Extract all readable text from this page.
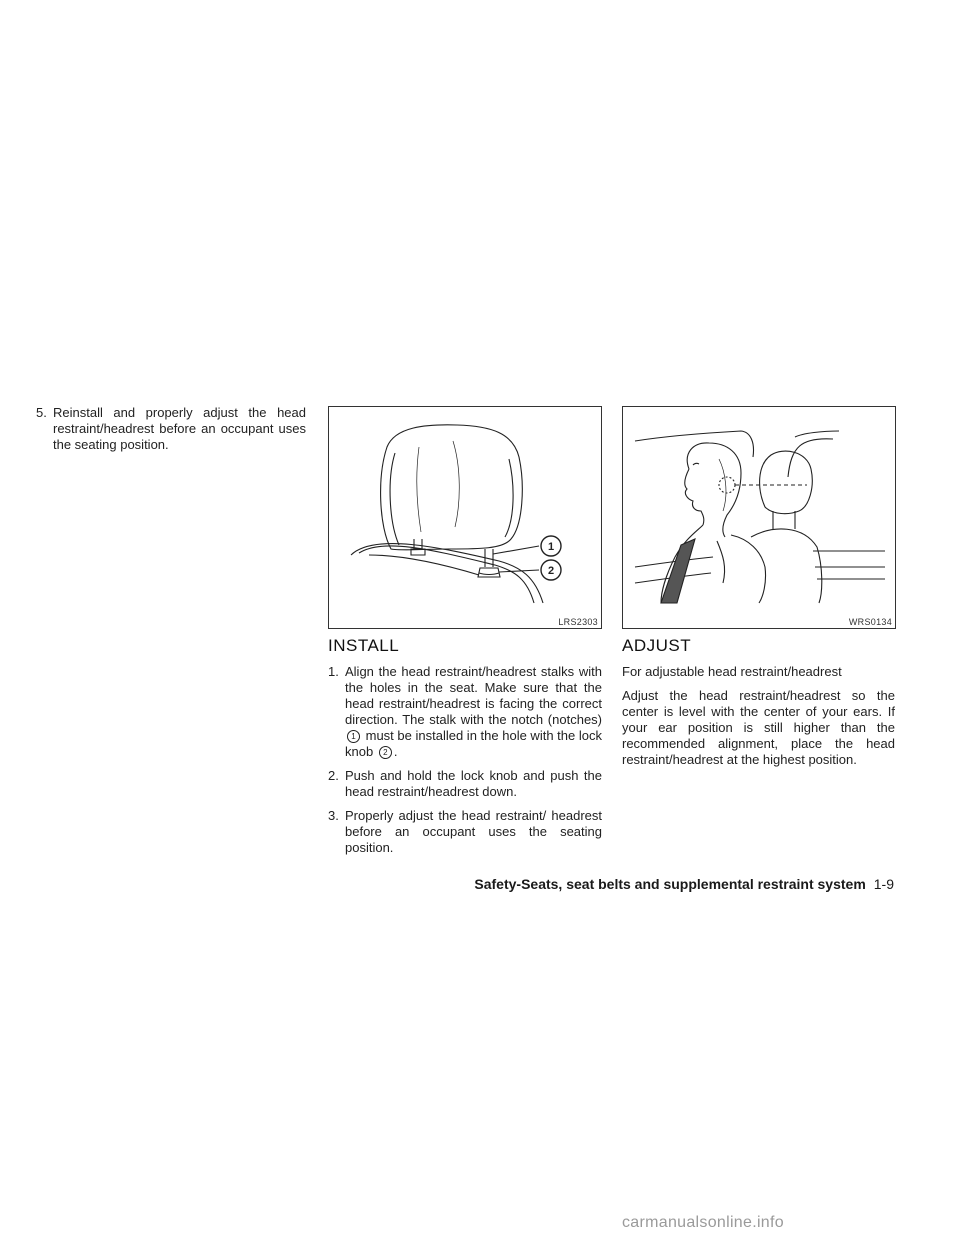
5. Reinstall and properly adjust the head restraint/headrest before an occupant uses the seating position.
1
2
LRS2303	WRS0134
INSTALL
1. Align the head restraint/headrest stalks with the holes in the seat. Make sure that the head restraint/headrest is facing the correct direction. The stalk with the notch (notches) 1 must be installed in the hole with the lock knob 2 .
2. Push and hold the lock knob and push the head restraint/headrest down.
3. Properly adjust the head restraint/ headrest before an occupant uses the seating position.
ADJUST

For adjustable head restraint/headrest

Adjust the head restraint/headrest so the center is level with the center of your ears. If your ear position is still higher than the recommended alignment, place the head restraint/headrest at the highest position.

Safety-Seats, seat belts and supplemental restraint system 1-9
carmanualsonline.info
